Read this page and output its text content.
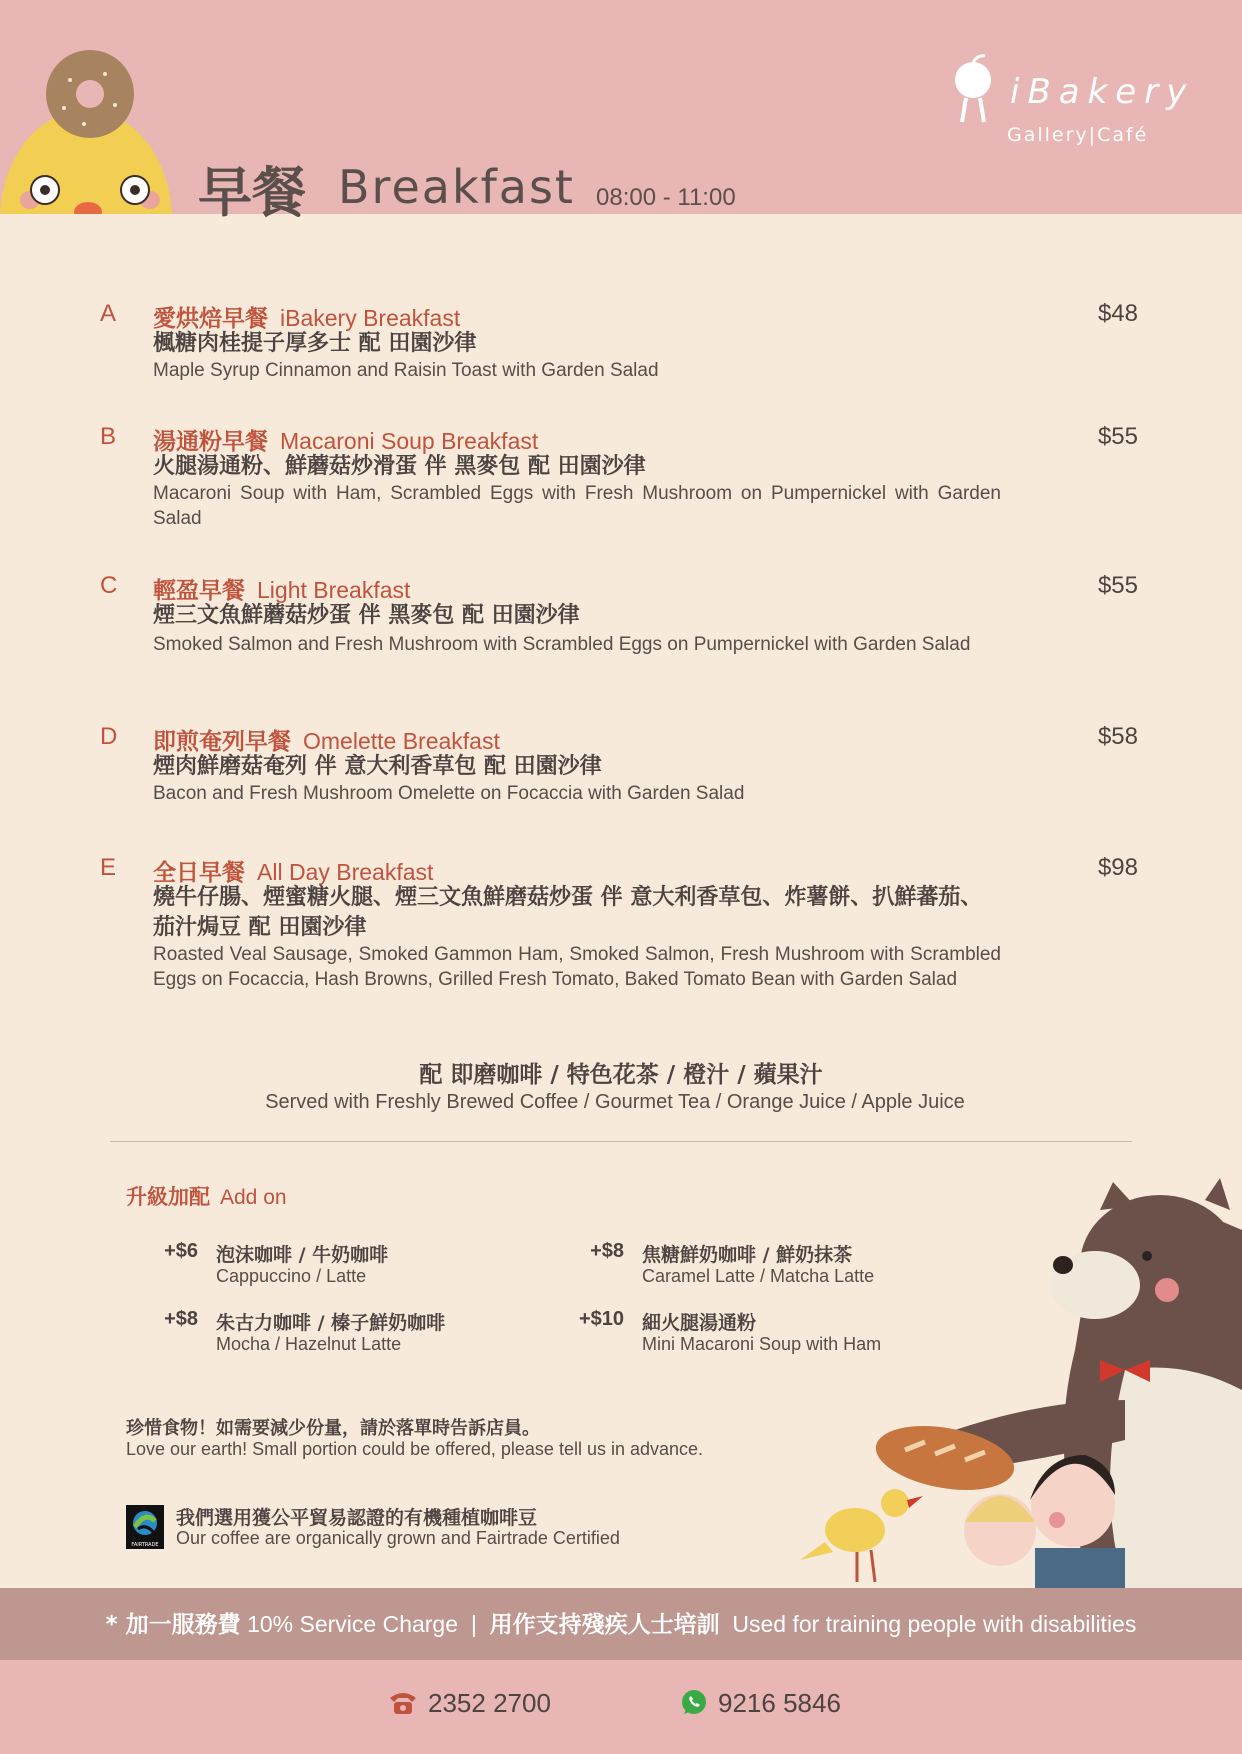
早餐 Breakfast 08:00 - 11:00
iBakery
Gallery|Café
A 愛烘焙早餐 iBakery Breakfast	$48
楓糖肉桂提子厚多士 配 田園沙律
Maple Syrup Cinnamon and Raisin Toast with Garden Salad
B 湯通粉早餐 Macaroni Soup Breakfast	$55
火腿湯通粉、鮮蘑菇炒滑蛋 伴 黑麥包 配 田園沙律
Macaroni Soup with Ham, Scrambled Eggs with Fresh Mushroom on Pumpernickel with Garden Salad
C 輕盈早餐 Light Breakfast	$55
煙三文魚鮮蘑菇炒蛋 伴 黑麥包 配 田園沙律
Smoked Salmon and Fresh Mushroom with Scrambled Eggs on Pumpernickel with Garden Salad
D 即煎奄列早餐 Omelette Breakfast	$58
煙肉鮮磨菇奄列 伴 意大利香草包 配 田園沙律
Bacon and Fresh Mushroom Omelette on Focaccia with Garden Salad
E 全日早餐 All Day Breakfast	$98
燒牛仔腸、煙蜜糖火腿、煙三文魚鮮磨菇炒蛋 伴 意大利香草包、炸薯餅、扒鮮蕃茄、茄汁焗豆 配 田園沙律
Roasted Veal Sausage, Smoked Gammon Ham, Smoked Salmon, Fresh Mushroom with Scrambled Eggs on Focaccia, Hash Browns, Grilled Fresh Tomato, Baked Tomato Bean with Garden Salad
配 即磨咖啡 / 特色花茶 / 橙汁 / 蘋果汁
Served with Freshly Brewed Coffee / Gourmet Tea / Orange Juice / Apple Juice
升級加配 Add on
+$6 泡沫咖啡 / 牛奶咖啡
Cappuccino / Latte
+$8 焦糖鮮奶咖啡 / 鮮奶抹茶
Caramel Latte / Matcha Latte
+$8 朱古力咖啡 / 榛子鮮奶咖啡
Mocha / Hazelnut Latte
+$10 細火腿湯通粉
Mini Macaroni Soup with Ham
珍惜食物！如需要減少份量，請於落單時告訴店員。
Love our earth! Small portion could be offered, please tell us in advance.
FAIRTRADE
我們選用獲公平貿易認證的有機種植咖啡豆
Our coffee are organically grown and Fairtrade Certified
* 加一服務費 10% Service Charge | 用作支持殘疾人士培訓 Used for training people with disabilities
2352 2700	9216 5846
